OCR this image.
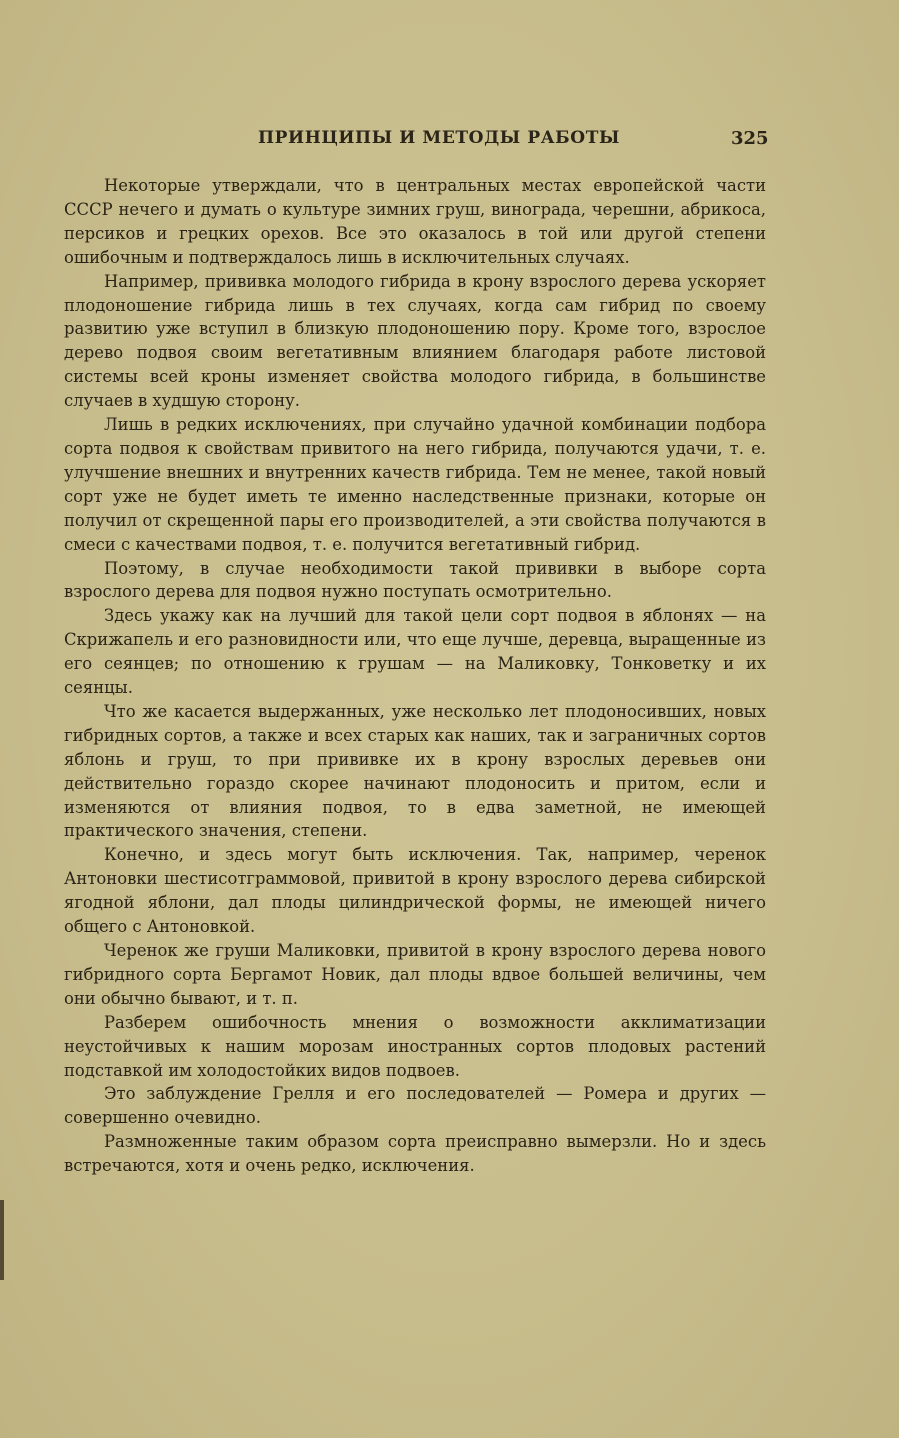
ПРИНЦИПЫ И МЕТОДЫ РАБОТЫ	325

Некоторые утверждали, что в центральных местах европейской части СССР нечего и думать о культуре зимних груш, винограда, черешни, абрикоса, персиков и грецких орехов. Все это оказалось в той или другой степени ошибочным и подтверждалось лишь в исключительных случаях.

Например, прививка молодого гибрида в крону взрослого дерева ускоряет плодоношение гибрида лишь в тех случаях, когда сам гибрид по своему развитию уже вступил в близкую плодоношению пору. Кроме того, взрослое дерево подвоя своим вегетативным влиянием благодаря работе листовой системы всей кроны изменяет свойства молодого гибрида, в большинстве случаев в худшую сторону.

Лишь в редких исключениях, при случайно удачной комбинации подбора сорта подвоя к свойствам привитого на него гибрида, получаются удачи, т. е. улучшение внешних и внутренних качеств гибрида. Тем не менее, такой новый сорт уже не будет иметь те именно наследственные признаки, которые он получил от скрещенной пары его производителей, а эти свойства получаются в смеси с качествами подвоя, т. е. получится вегетативный гибрид.

Поэтому, в случае необходимости такой прививки в выборе сорта взрослого дерева для подвоя нужно поступать осмотрительно.

Здесь укажу как на лучший для такой цели сорт подвоя в яблонях — на Скрижапель и его разновидности или, что еще лучше, деревца, выращенные из его сеянцев; по отношению к грушам — на Маликовку, Тонковетку и их сеянцы.

Что же касается выдержанных, уже несколько лет плодоносивших, новых гибридных сортов, а также и всех старых как наших, так и заграничных сортов яблонь и груш, то при прививке их в крону взрослых деревьев они действительно гораздо скорее начинают плодоносить и притом, если и изменяются от влияния подвоя, то в едва заметной, не имеющей практического значения, степени.

Конечно, и здесь могут быть исключения. Так, например, черенок Антоновки шестисотграммовой, привитой в крону взрослого дерева сибирской ягодной яблони, дал плоды цилиндрической формы, не имеющей ничего общего с Антоновкой.

Черенок же груши Маликовки, привитой в крону взрослого дерева нового гибридного сорта Бергамот Новик, дал плоды вдвое большей величины, чем они обычно бывают, и т. п.

Разберем ошибочность мнения о возможности акклиматизации неустойчивых к нашим морозам иностранных сортов плодовых растений подставкой им холодостойких видов подвоев.

Это заблуждение Грелля и его последователей — Ромера и других — совершенно очевидно.

Размноженные таким образом сорта преисправно вымерзли. Но и здесь встречаются, хотя и очень редко, исключения.
